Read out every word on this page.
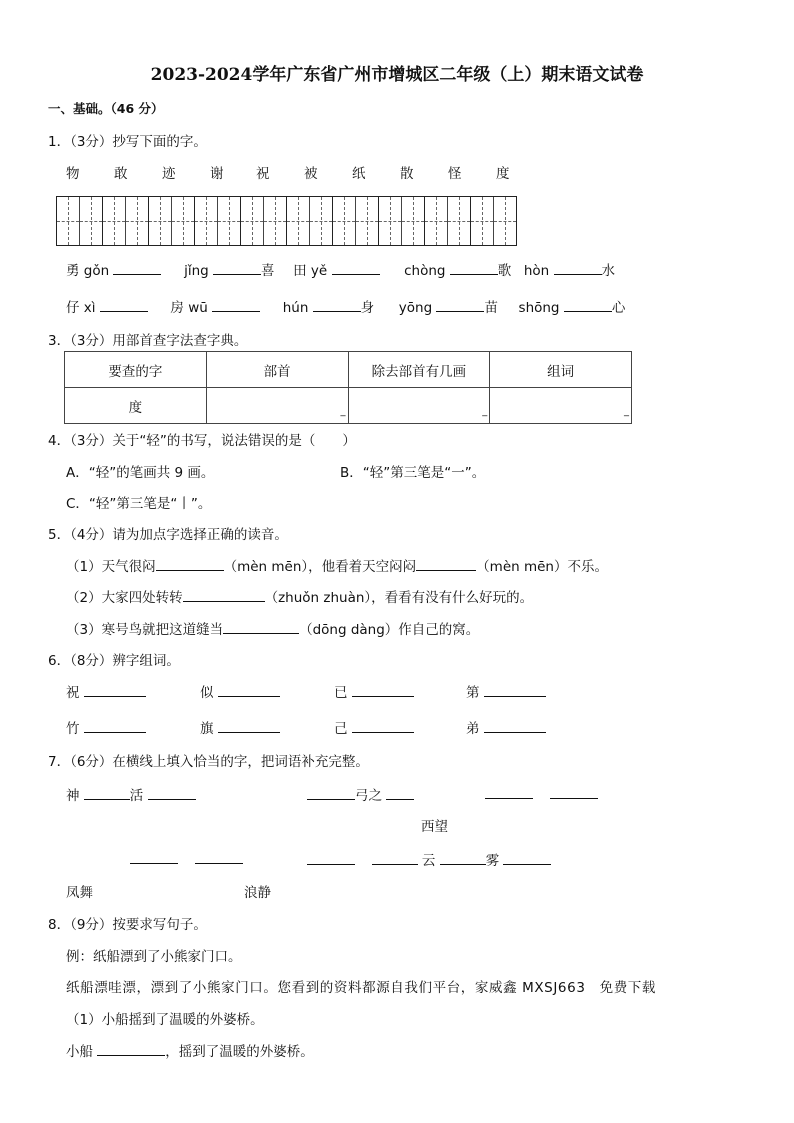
2023-2024学年广东省广州市增城区二年级（上）期末语文试卷
一、基础。（46 分）
1．（3分）抄写下面的字。
物	敢	迹	谢 祝	被	纸	散	怪	度
勇 gǒn	jǐng	喜 田 yě	chòng	歌 hòn	水
仔 xì	房 wū	hún	身 yōng	苗 shōng	心
3．（3分）用部首查字法查字典。
要查的字	部首	除去部首有几画	组词
度	_	_	_
4．（3分）关于“轻”的书写，说法错误的是（　　）
A．“轻”的笔画共 9 画。	B．“轻”第三笔是“一”。
C．“轻”第三笔是“丨”。
5．（4分）请为加点字选择正确的读音。
（1）天气很闷	（mèn mēn），他看着天空闷闷	（mèn mēn）不乐。
（2）大家四处转转	（zhuǒn zhuàn），看看有没有什么好玩的。
（3）寒号鸟就把这道缝当	（dōng dàng）作自己的窝。
6．（8分）辨字组词。
祝	似	已	第
竹	旗	己	弟
7．（6分）在横线上填入恰当的字，把词语补充完整。
神	活	弓之

西望

云	雾
凤舞	浪静
8．（9分）按要求写句子。
例：纸船漂到了小熊家门口。
纸船漂哇漂，漂到了小熊家门口。您看到的资料都源自我们平台，家威鑫 MXSJ663　免费下载
（1）小船摇到了温暖的外婆桥。
小船	，摇到了温暖的外婆桥。
